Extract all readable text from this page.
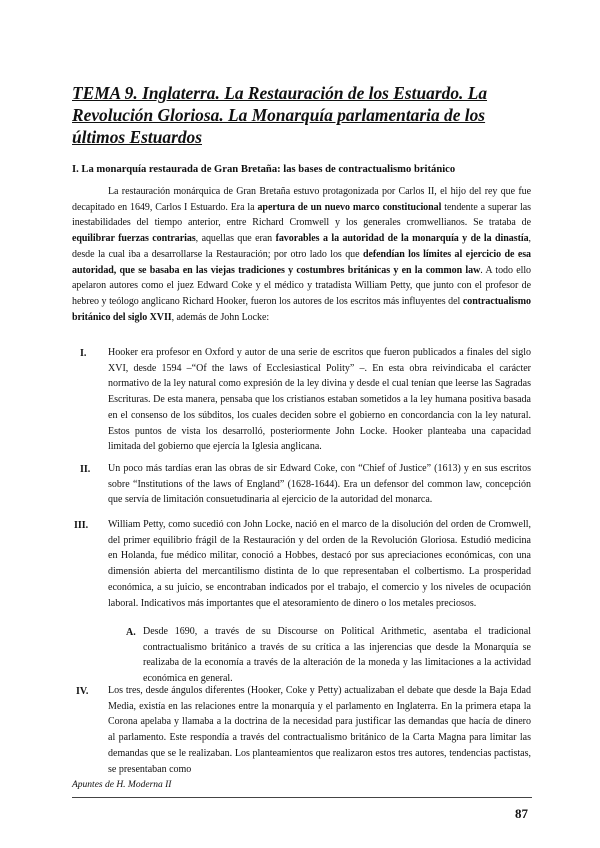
TEMA 9. Inglaterra. La Restauración de los Estuardo. La Revolución Gloriosa. La Monarquía parlamentaria de los últimos Estuardos
I. La monarquía restaurada de Gran Bretaña: las bases de contractualismo británico

La restauración monárquica de Gran Bretaña estuvo protagonizada por Carlos II, el hijo del rey que fue decapitado en 1649, Carlos I Estuardo. Era la apertura de un nuevo marco constitucional tendente a superar las inestabilidades del tiempo anterior, entre Richard Cromwell y los generales cromwellianos. Se trataba de equilibrar fuerzas contrarias, aquellas que eran favorables a la autoridad de la monarquía y de la dinastía, desde la cual iba a desarrollarse la Restauración; por otro lado los que defendían los límites al ejercicio de esa autoridad, que se basaba en las viejas tradiciones y costumbres británicas y en la common law. A todo ello apelaron autores como el juez Edward Coke y el médico y tratadista William Petty, que junto con el profesor de hebreo y teólogo anglicano Richard Hooker, fueron los autores de los escritos más influyentes del contractualismo británico del siglo XVII, además de John Locke:

I. Hooker era profesor en Oxford y autor de una serie de escritos que fueron publicados a finales del siglo XVI, desde 1594 –“Of the laws of Ecclesiastical Polity” –. En esta obra reivindicaba el carácter normativo de la ley natural como expresión de la ley divina y desde el cual tenían que leerse las Sagradas Escrituras. De esta manera, pensaba que los cristianos estaban sometidos a la ley humana positiva basada en el consenso de los súbditos, los cuales deciden sobre el gobierno en concordancia con la ley natural. Estos puntos de vista los desarrolló, posteriormente John Locke. Hooker planteaba una capacidad limitada del gobierno que ejercía la Iglesia anglicana.

II. Un poco más tardías eran las obras de sir Edward Coke, con “Chief of Justice” (1613) y en sus escritos sobre “Institutions of the laws of England” (1628-1644). Era un defensor del common law, concepción que servía de limitación consuetudinaria al ejercicio de la autoridad del monarca.

III. William Petty, como sucedió con John Locke, nació en el marco de la disolución del orden de Cromwell, del primer equilibrio frágil de la Restauración y del orden de la Revolución Gloriosa. Estudió medicina en Holanda, fue médico militar, conoció a Hobbes, destacó por sus apreciaciones económicas, con una dimensión abierta del mercantilismo distinta de lo que representaban el colbertismo. La prosperidad económica, a su juicio, se encontraban indicados por el trabajo, el comercio y los niveles de ocupación laboral. Indicativos más importantes que el atesoramiento de dinero o los metales preciosos.

A. Desde 1690, a través de su Discourse on Political Arithmetic, asentaba el tradicional contractualismo británico a través de su crítica a las injerencias que desde la Monarquía se realizaba de la economía a través de la alteración de la moneda y las limitaciones a la actividad económica en general.

IV. Los tres, desde ángulos diferentes (Hooker, Coke y Petty) actualizaban el debate que desde la Baja Edad Media, existía en las relaciones entre la monarquía y el parlamento en Inglaterra. En la primera etapa la Corona apelaba y llamaba a la doctrina de la necesidad para justificar las demandas que hacía de dinero al parlamento. Este respondía a través del contractualismo británico de la Carta Magna para limitar las demandas que se le realizaban. Los planteamientos que realizaron estos tres autores, tendencias pactistas, se presentaban como

Apuntes de H. Moderna II
87
